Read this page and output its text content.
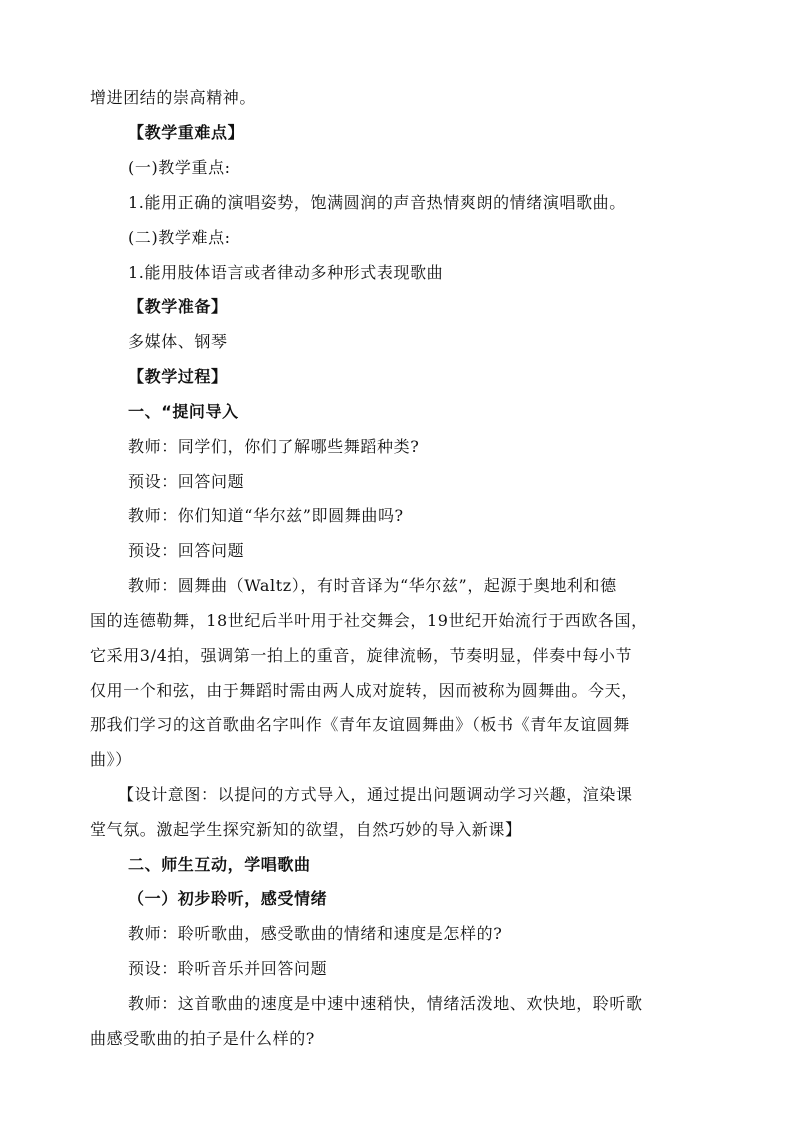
增进团结的崇高精神。
【教学重难点】
(一)教学重点:
1.能用正确的演唱姿势，饱满圆润的声音热情爽朗的情绪演唱歌曲。
(二)教学难点:
1.能用肢体语言或者律动多种形式表现歌曲
【教学准备】
多媒体、钢琴
【教学过程】
一、“提问导入
教师：同学们，你们了解哪些舞蹈种类?
预设：回答问题
教师：你们知道“华尔兹”即圆舞曲吗?
预设：回答问题
教师：圆舞曲（Waltz），有时音译为“华尔兹”，起源于奥地利和德
国的连德勒舞，18世纪后半叶用于社交舞会，19世纪开始流行于西欧各国，
它采用3/4拍，强调第一拍上的重音，旋律流畅，节奏明显，伴奏中每小节
仅用一个和弦，由于舞蹈时需由两人成对旋转，因而被称为圆舞曲。今天，
那我们学习的这首歌曲名字叫作《青年友谊圆舞曲》（板书《青年友谊圆舞
曲》）
【设计意图：以提问的方式导入，通过提出问题调动学习兴趣，渲染课
堂气氛。激起学生探究新知的欲望，自然巧妙的导入新课】
二、师生互动，学唱歌曲
（一）初步聆听，感受情绪
教师：聆听歌曲，感受歌曲的情绪和速度是怎样的?
预设：聆听音乐并回答问题
教师：这首歌曲的速度是中速中速稍快，情绪活泼地、欢快地，聆听歌
曲感受歌曲的拍子是什么样的?
